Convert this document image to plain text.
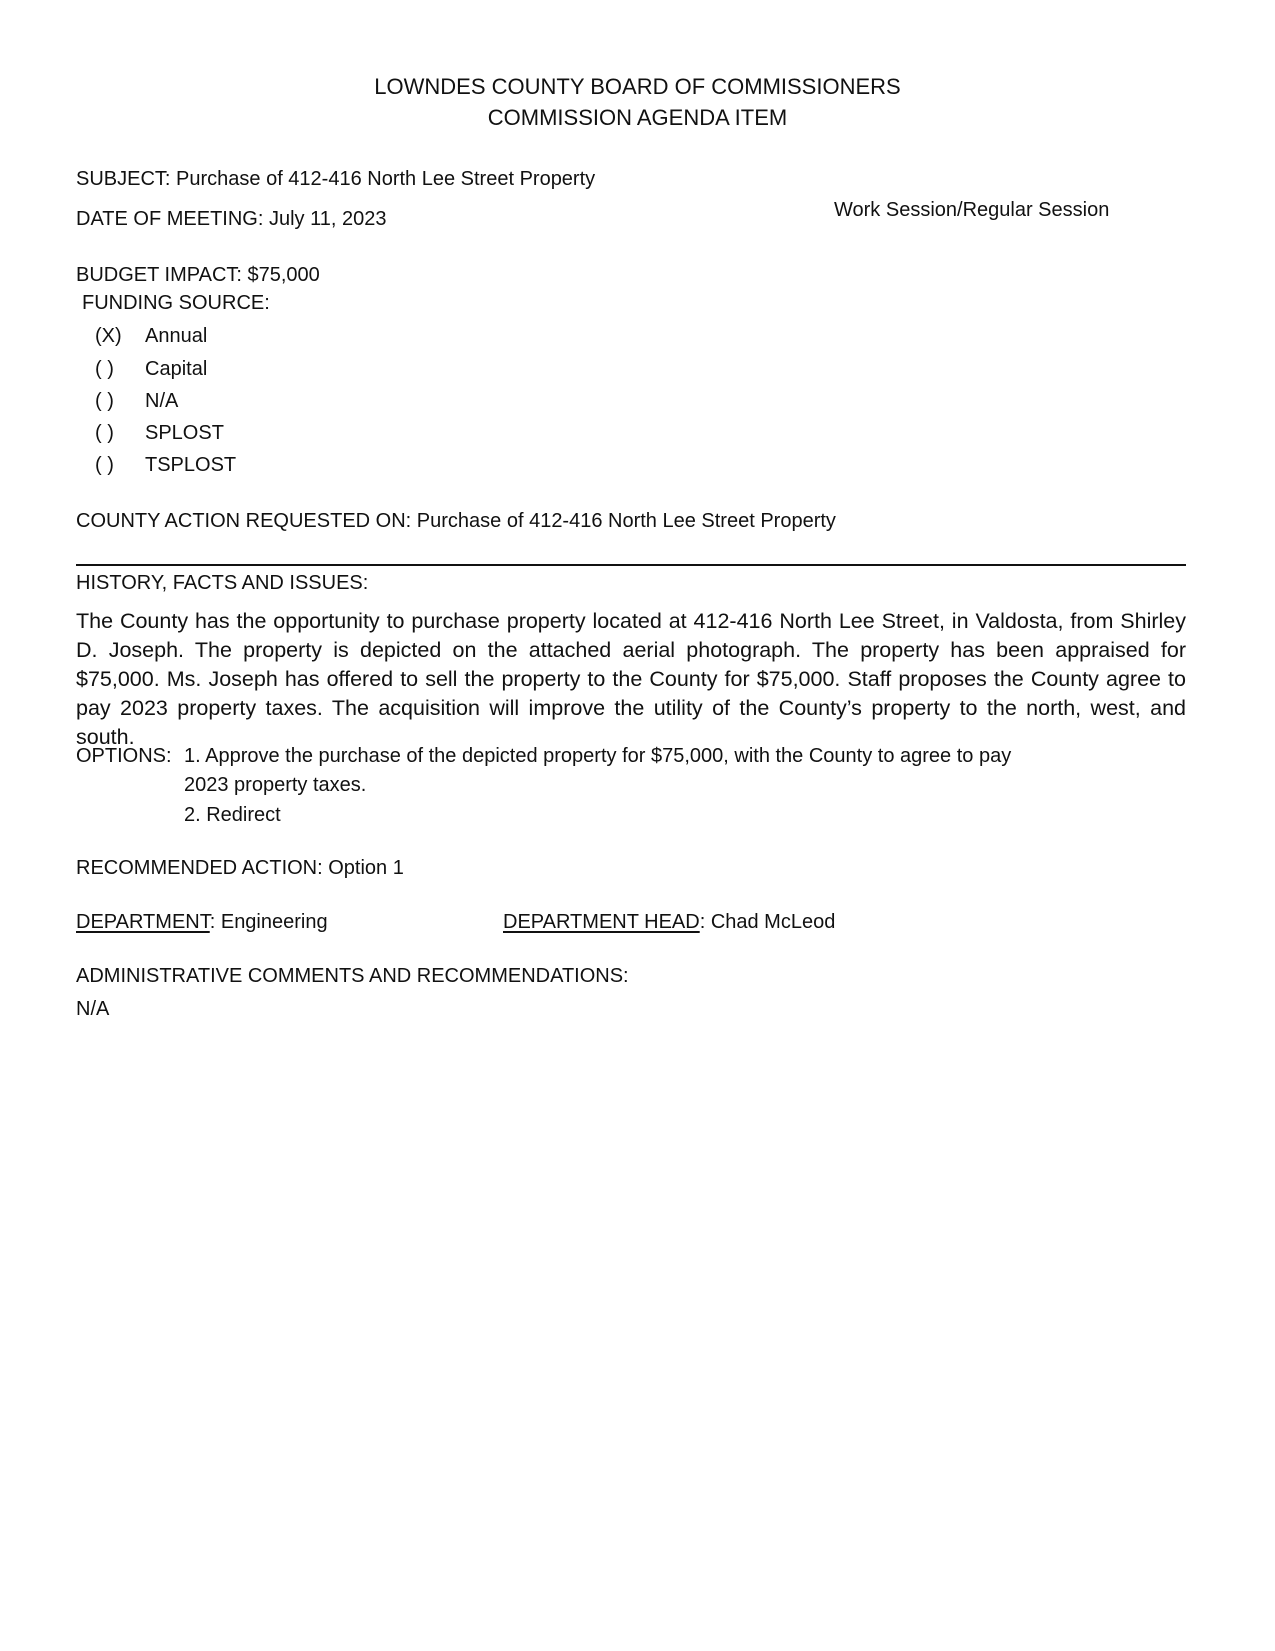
LOWNDES COUNTY BOARD OF COMMISSIONERS
COMMISSION AGENDA ITEM
SUBJECT: Purchase of 412-416 North Lee Street Property
DATE OF MEETING: July 11, 2023	Work Session/Regular Session
BUDGET IMPACT: $75,000
FUNDING SOURCE:
(X) Annual
( ) Capital
( ) N/A
( ) SPLOST
( ) TSPLOST
COUNTY ACTION REQUESTED ON: Purchase of 412-416 North Lee Street Property
HISTORY, FACTS AND ISSUES:
The County has the opportunity to purchase property located at 412-416 North Lee Street, in Valdosta, from Shirley D. Joseph. The property is depicted on the attached aerial photograph. The property has been appraised for $75,000. Ms. Joseph has offered to sell the property to the County for $75,000. Staff proposes the County agree to pay 2023 property taxes. The acquisition will improve the utility of the County’s property to the north, west, and south.
OPTIONS: 1. Approve the purchase of the depicted property for $75,000, with the County to agree to pay
2023 property taxes.
2. Redirect
RECOMMENDED ACTION: Option 1
DEPARTMENT: Engineering	DEPARTMENT HEAD: Chad McLeod
ADMINISTRATIVE COMMENTS AND RECOMMENDATIONS:
N/A
